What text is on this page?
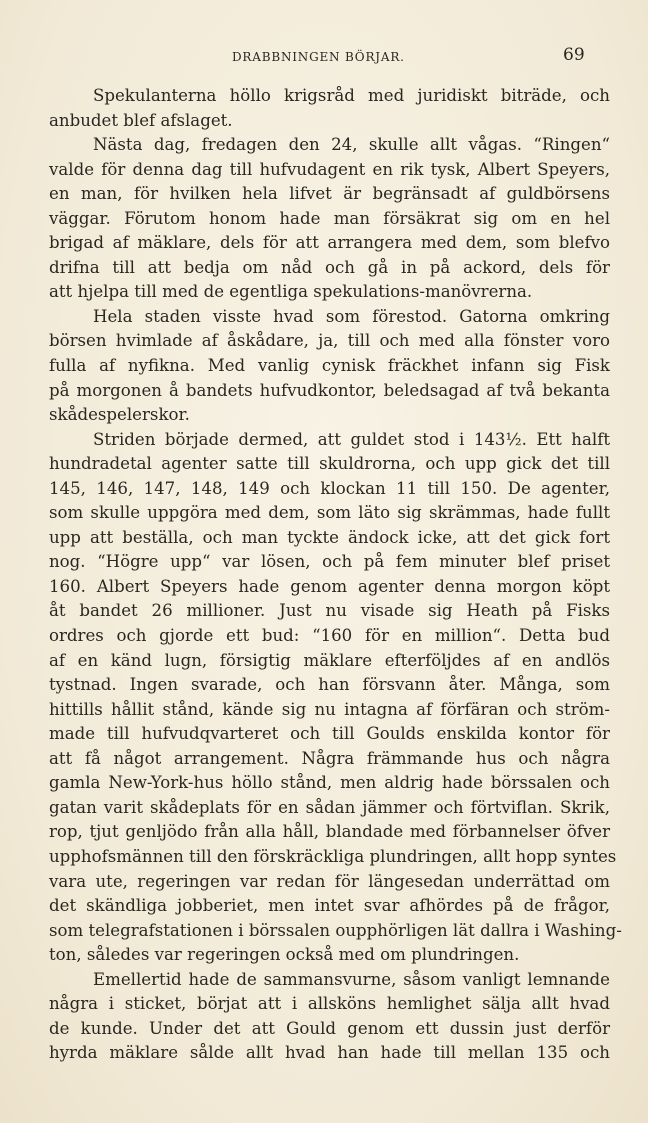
DRABBNINGEN BÖRJAR.	69

Spekulanterna höllo krigsråd med juridiskt biträde, och
anbudet blef afslaget.

Nästa dag, fredagen den 24, skulle allt vågas. “Ringen“
valde för denna dag till hufvudagent en rik tysk, Albert Speyers,
en man, för hvilken hela lifvet är begränsadt af guldbörsens
väggar. Förutom honom hade man försäkrat sig om en hel
brigad af mäklare, dels för att arrangera med dem, som blefvo
drifna till att bedja om nåd och gå in på ackord, dels för
att hjelpa till med de egentliga spekulations-manövrerna.

Hela staden visste hvad som förestod. Gatorna omkring
börsen hvimlade af åskådare, ja, till och med alla fönster voro
fulla af nyfikna. Med vanlig cynisk fräckhet infann sig Fisk
på morgonen å bandets hufvudkontor, beledsagad af två bekanta
skådespelerskor.

Striden började dermed, att guldet stod i 143½. Ett halft
hundradetal agenter satte till skuldrorna, och upp gick det till
145, 146, 147, 148, 149 och klockan 11 till 150. De agenter,
som skulle uppgöra med dem, som läto sig skrämmas, hade fullt
upp att beställa, och man tyckte ändock icke, att det gick fort
nog. “Högre upp“ var lösen, och på fem minuter blef priset
160. Albert Speyers hade genom agenter denna morgon köpt
åt bandet 26 millioner. Just nu visade sig Heath på Fisks
ordres och gjorde ett bud: “160 för en million“. Detta bud
af en känd lugn, försigtig mäklare efterföljdes af en andlös
tystnad. Ingen svarade, och han försvann åter. Många, som
hittills hållit stånd, kände sig nu intagna af förfäran och ström-
made till hufvudqvarteret och till Goulds enskilda kontor för
att få något arrangement. Några främmande hus och några
gamla New-York-hus höllo stånd, men aldrig hade börssalen och
gatan varit skådeplats för en sådan jämmer och förtviflan. Skrik,
rop, tjut genljödo från alla håll, blandade med förbannelser öfver
upphofsmännen till den förskräckliga plundringen, allt hopp syntes
vara ute, regeringen var redan för längesedan underrättad om
det skändliga jobberiet, men intet svar afhördes på de frågor,
som telegrafstationen i börssalen oupphörligen lät dallra i Washing-
ton, således var regeringen också med om plundringen.

Emellertid hade de sammansvurne, såsom vanligt lemnande
några i sticket, börjat att i allsköns hemlighet sälja allt hvad
de kunde. Under det att Gould genom ett dussin just derför
hyrda mäklare sålde allt hvad han hade till mellan 135 och
